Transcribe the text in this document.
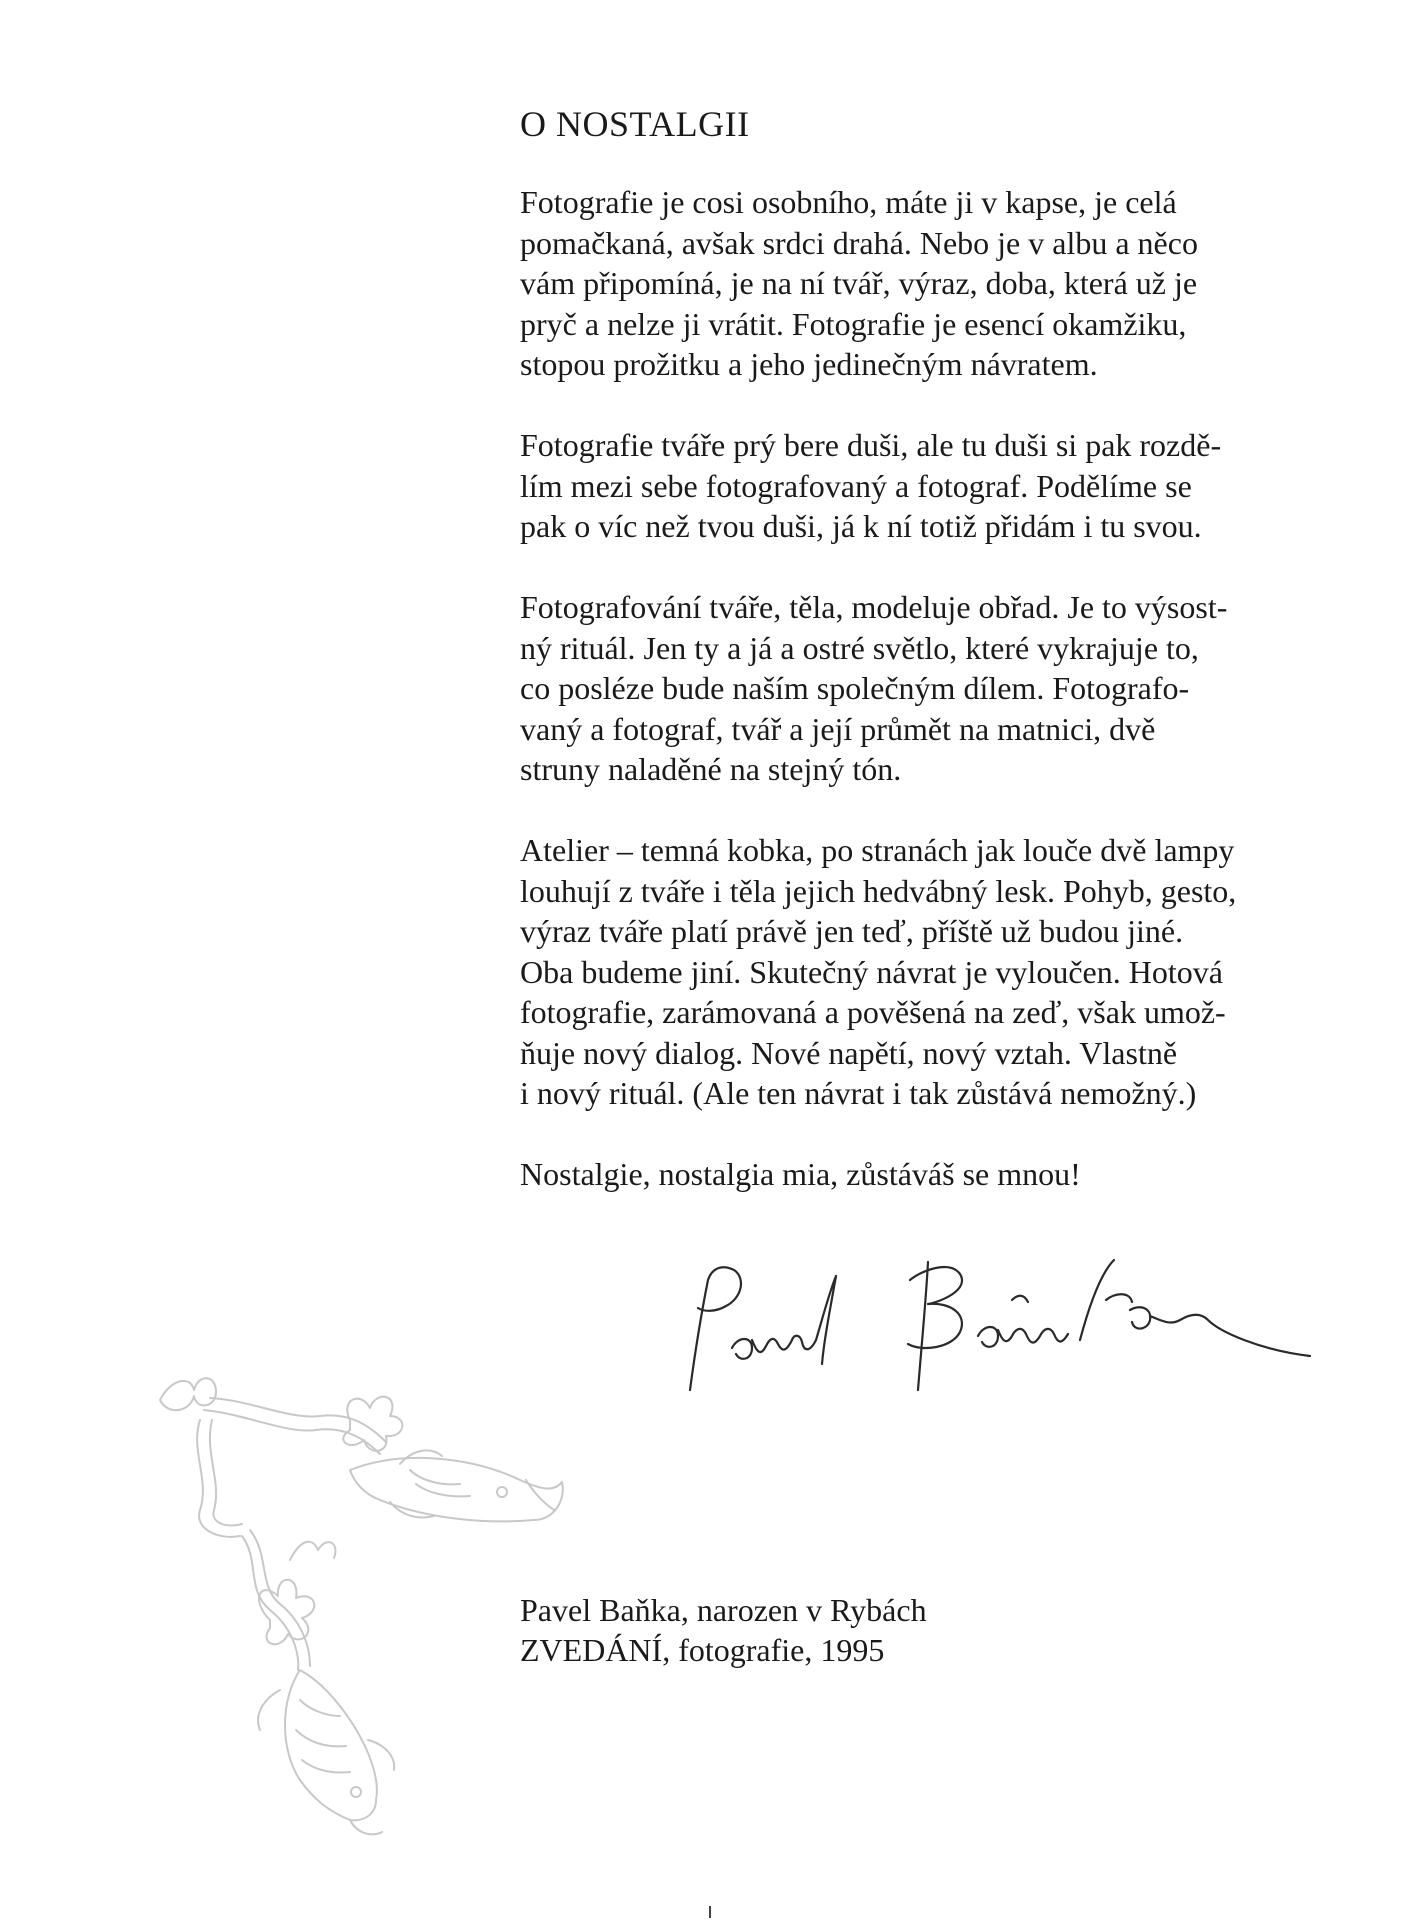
O NOSTALGII

Fotografie je cosi osobního, máte ji v kapse, je celá
pomačkaná, avšak srdci drahá. Nebo je v albu a něco
vám připomíná, je na ní tvář, výraz, doba, která už je
pryč a nelze ji vrátit. Fotografie je esencí okamžiku,
stopou prožitku a jeho jedinečným návratem.

Fotografie tváře prý bere duši, ale tu duši si pak rozdě-
lím mezi sebe fotografovaný a fotograf. Podělíme se
pak o víc než tvou duši, já k ní totiž přidám i tu svou.

Fotografování tváře, těla, modeluje obřad. Je to výsost-
ný rituál. Jen ty a já a ostré světlo, které vykrajuje to,
co posléze bude naším společným dílem. Fotografo-
vaný a fotograf, tvář a její průmět na matnici, dvě
struny naladěné na stejný tón.

Atelier – temná kobka, po stranách jak louče dvě lampy
louhují z tváře i těla jejich hedvábný lesk. Pohyb, gesto,
výraz tváře platí právě jen teď, příště už budou jiné.
Oba budeme jiní. Skutečný návrat je vyloučen. Hotová
fotografie, zarámovaná a pověšená na zeď, však umož-
ňuje nový dialog. Nové napětí, nový vztah. Vlastně
i nový rituál. (Ale ten návrat i tak zůstává nemožný.)

Nostalgie, nostalgia mia, zůstáváš se mnou!

Pavel Baňka, narozen v Rybách
ZVEDÁNÍ, fotografie, 1995
